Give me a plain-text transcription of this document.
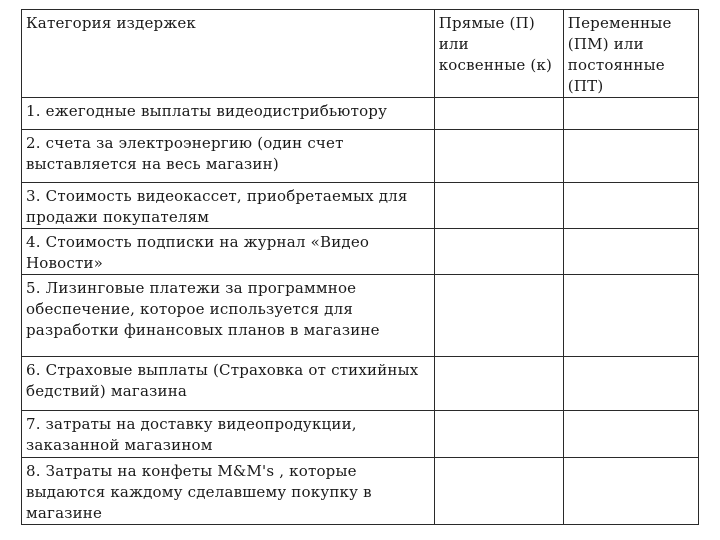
Категория издержек	Прямые (П) или косвенные (к)	Переменные (ПМ) или постоянные (ПТ)
1. ежегодные выплаты видеодистрибьютору		
2. счета за электроэнергию (один счет выставляется на весь магазин)		
3. Стоимость видеокассет, приобретаемых для продажи покупателям		
4. Стоимость подписки на журнал «Видео Новости»		
5. Лизинговые платежи за программное обеспечение, которое используется для разработки финансовых планов в магазине		
6. Страховые выплаты (Страховка от стихийных бедствий) магазина		
7. затраты на доставку видеопродукции, заказанной магазином		
8. Затраты на конфеты M&M's , которые выдаются каждому сделавшему покупку в магазине		
